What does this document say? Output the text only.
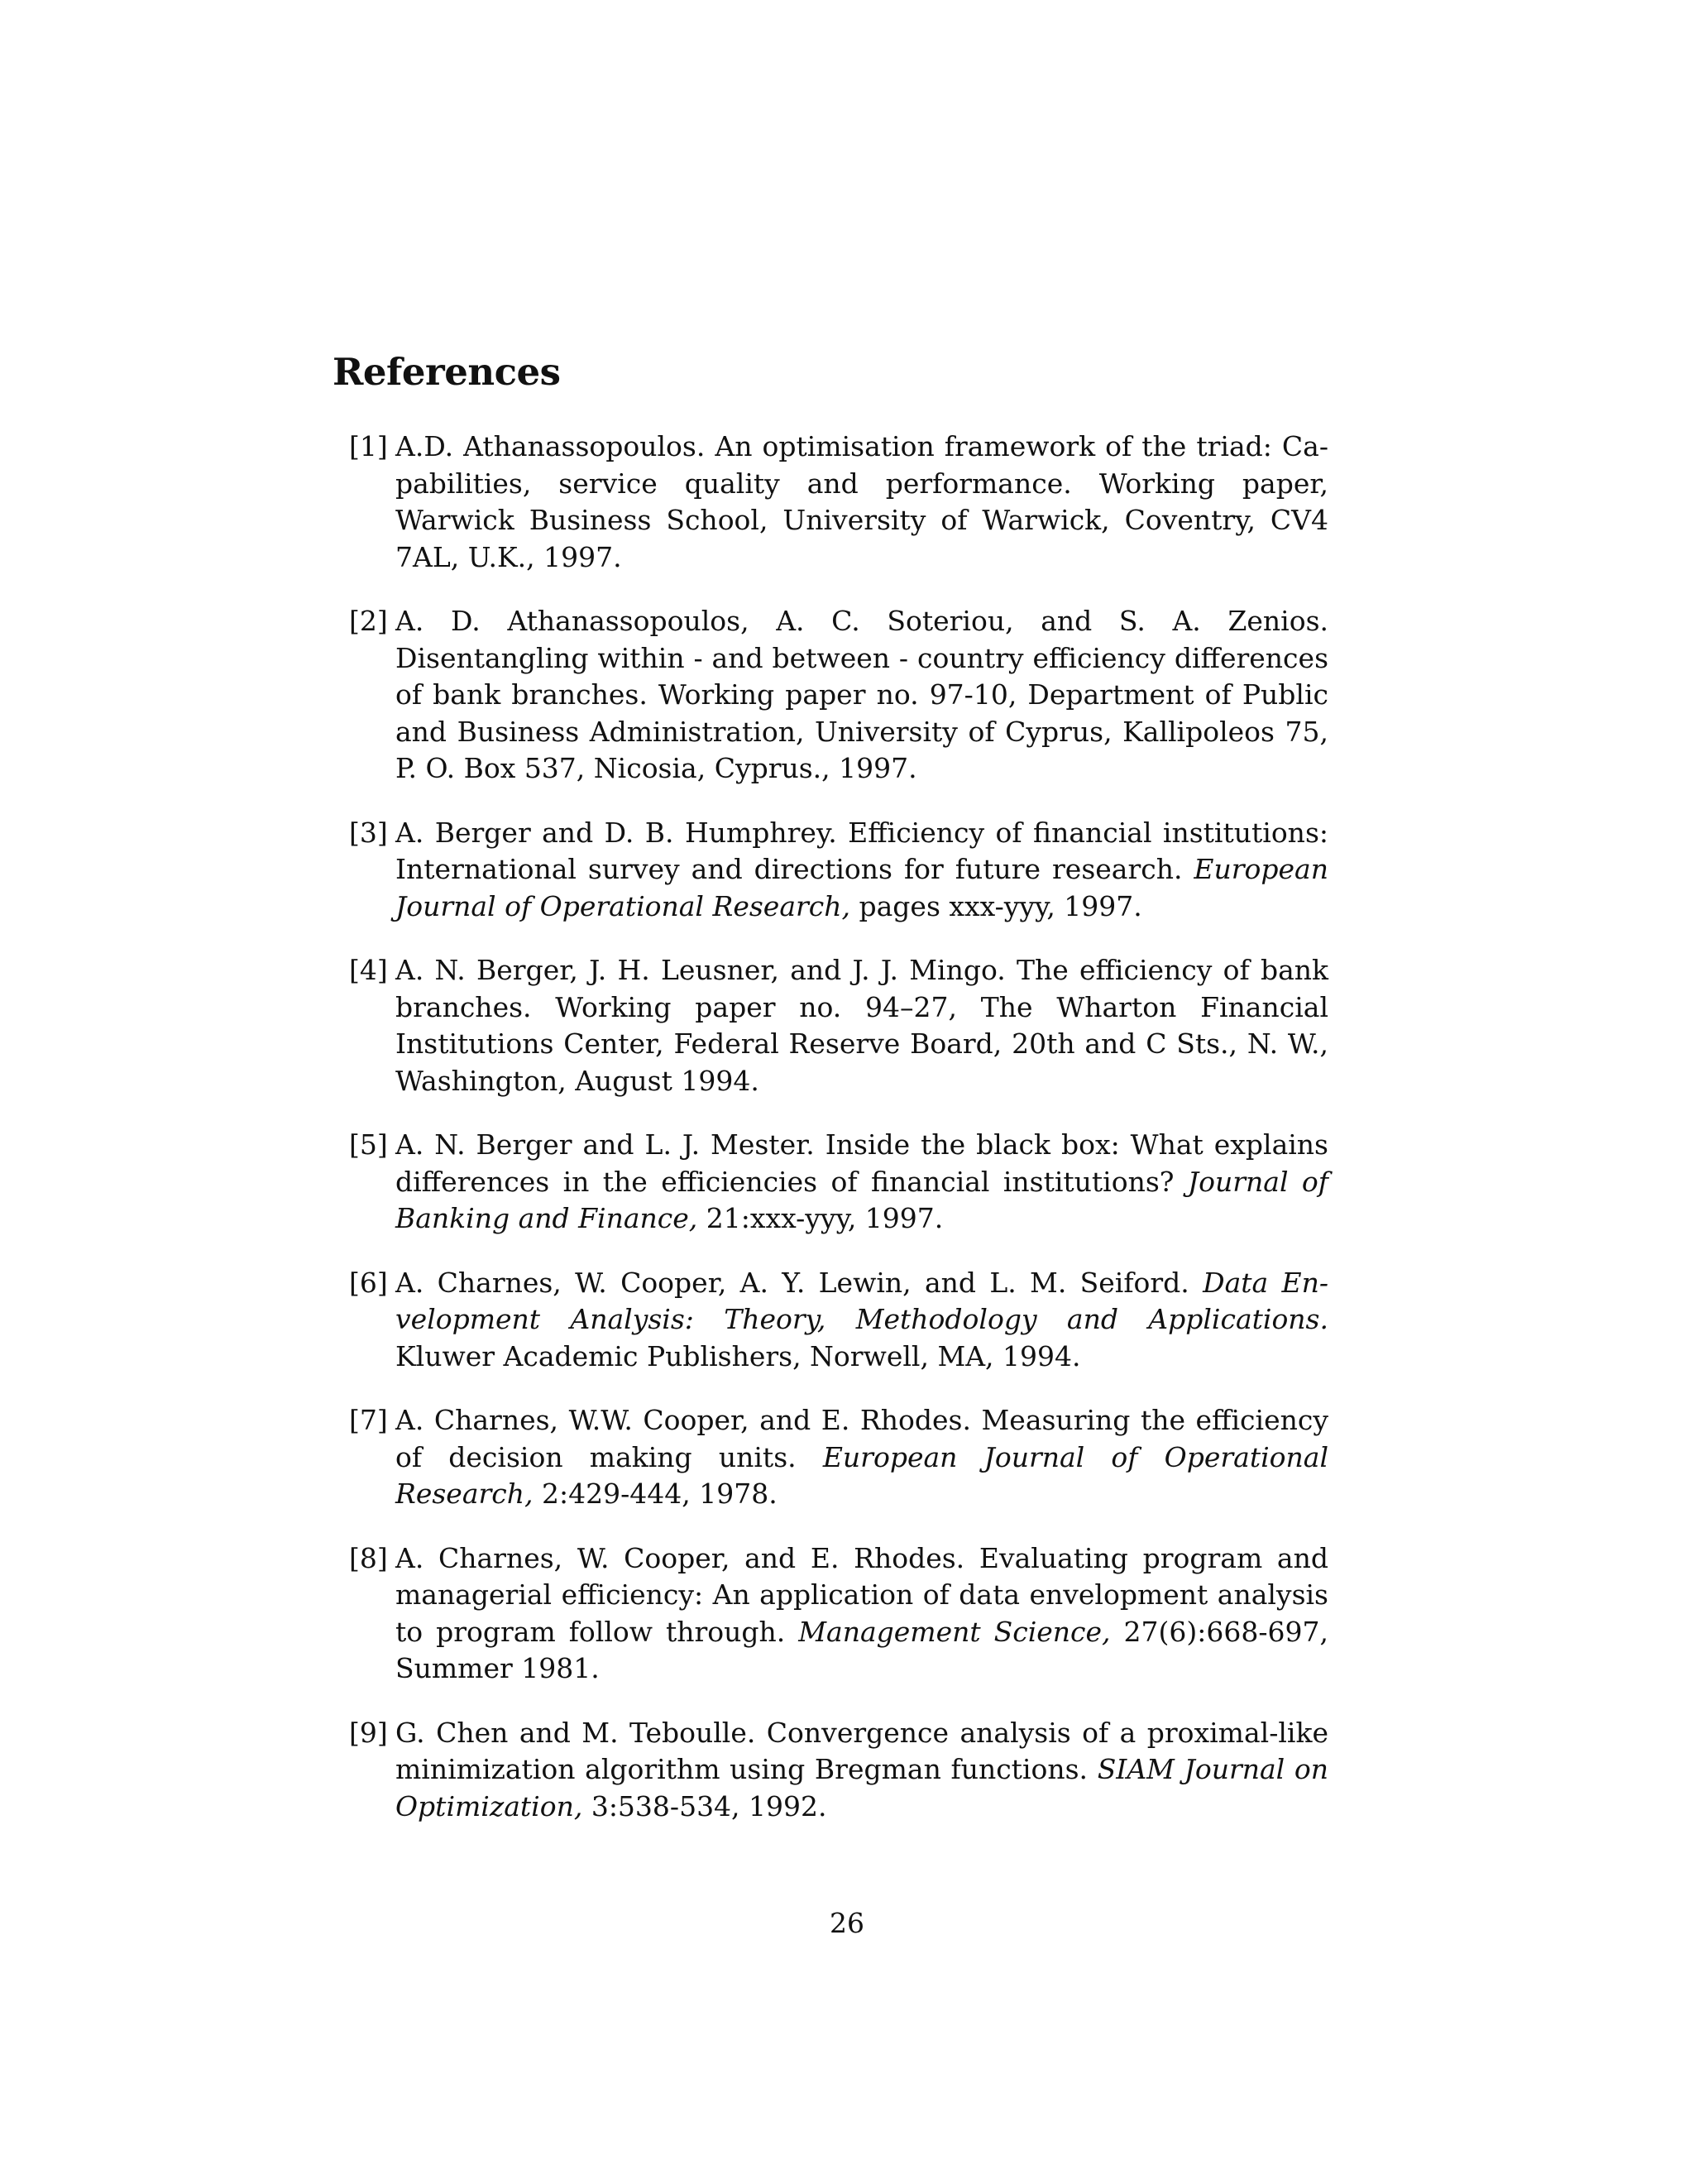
References
[1] A.D. Athanassopoulos. An optimisation framework of the triad: Capabilities, service quality and performance. Working paper, Warwick Business School, University of Warwick, Coventry, CV4 7AL, U.K., 1997.
[2] A. D. Athanassopoulos, A. C. Soteriou, and S. A. Zenios. Disentangling within - and between - country efficiency differences of bank branches. Working paper no. 97-10, Department of Public and Business Administration, University of Cyprus, Kallipoleos 75, P. O. Box 537, Nicosia, Cyprus., 1997.
[3] A. Berger and D. B. Humphrey. Efficiency of financial institutions: International survey and directions for future research. European Journal of Operational Research, pages xxx-yyy, 1997.
[4] A. N. Berger, J. H. Leusner, and J. J. Mingo. The efficiency of bank branches. Working paper no. 94–27, The Wharton Financial Institutions Center, Federal Reserve Board, 20th and C Sts., N. W., Washington, August 1994.
[5] A. N. Berger and L. J. Mester. Inside the black box: What explains differences in the efficiencies of financial institutions? Journal of Banking and Finance, 21:xxx-yyy, 1997.
[6] A. Charnes, W. Cooper, A. Y. Lewin, and L. M. Seiford. Data Envelopment Analysis: Theory, Methodology and Applications. Kluwer Academic Publishers, Norwell, MA, 1994.
[7] A. Charnes, W.W. Cooper, and E. Rhodes. Measuring the efficiency of decision making units. European Journal of Operational Research, 2:429-444, 1978.
[8] A. Charnes, W. Cooper, and E. Rhodes. Evaluating program and managerial efficiency: An application of data envelopment analysis to program follow through. Management Science, 27(6):668-697, Summer 1981.
[9] G. Chen and M. Teboulle. Convergence analysis of a proximal-like minimization algorithm using Bregman functions. SIAM Journal on Optimization, 3:538-534, 1992.
26
